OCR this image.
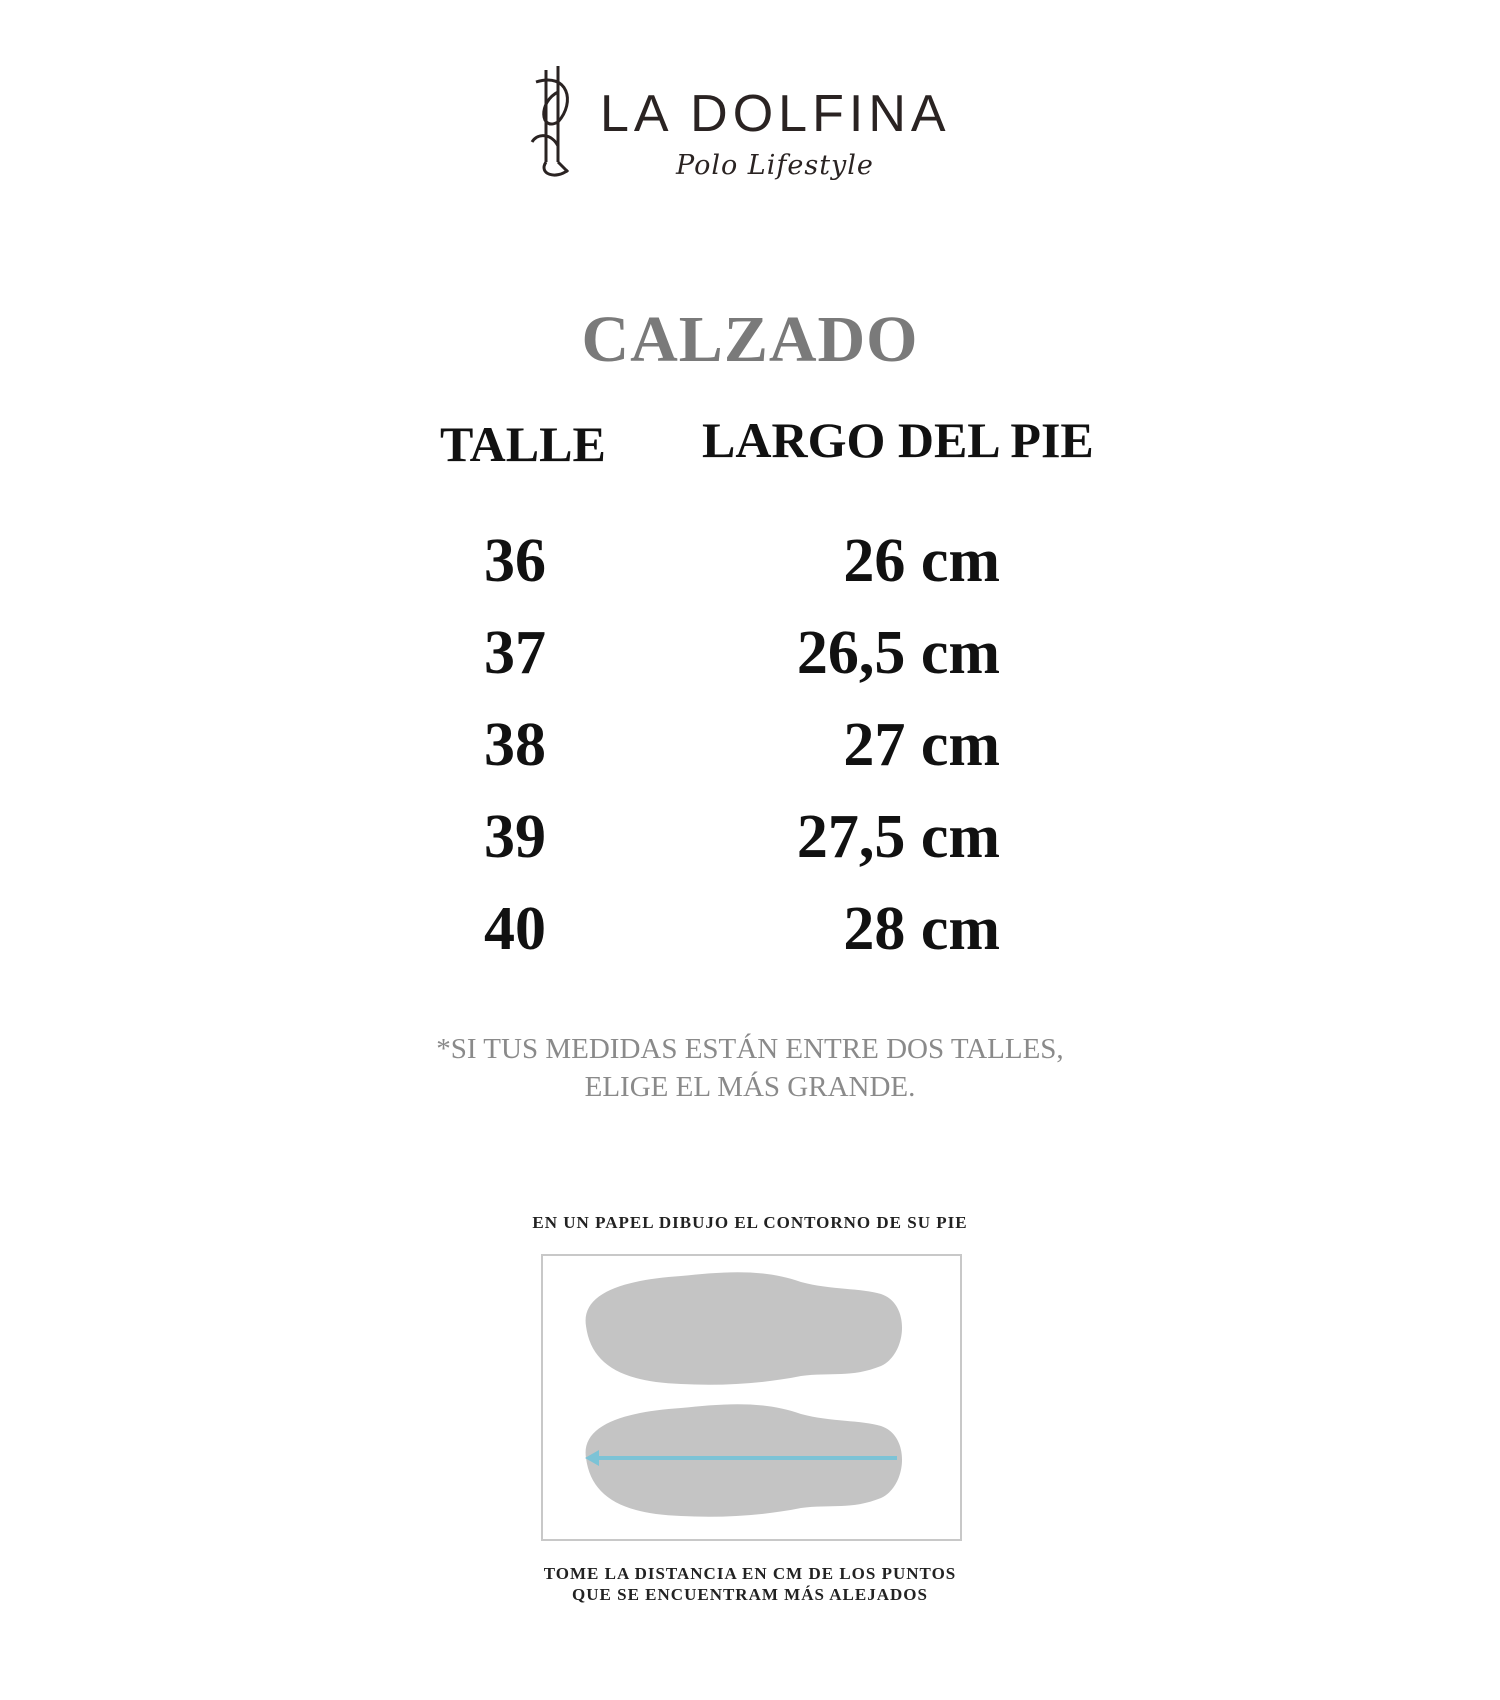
LA DOLFINA
Polo Lifestyle
CALZADO
TALLE LARGO DEL PIE
36	26 cm
37	26,5 cm
38	27 cm
39	27,5 cm
40	28 cm
*SI TUS MEDIDAS ESTÁN ENTRE DOS TALLES,
ELIGE EL MÁS GRANDE.
EN UN PAPEL DIBUJO EL CONTORNO DE SU PIE
TOME LA DISTANCIA EN CM DE LOS PUNTOS
QUE SE ENCUENTRAM MÁS ALEJADOS
